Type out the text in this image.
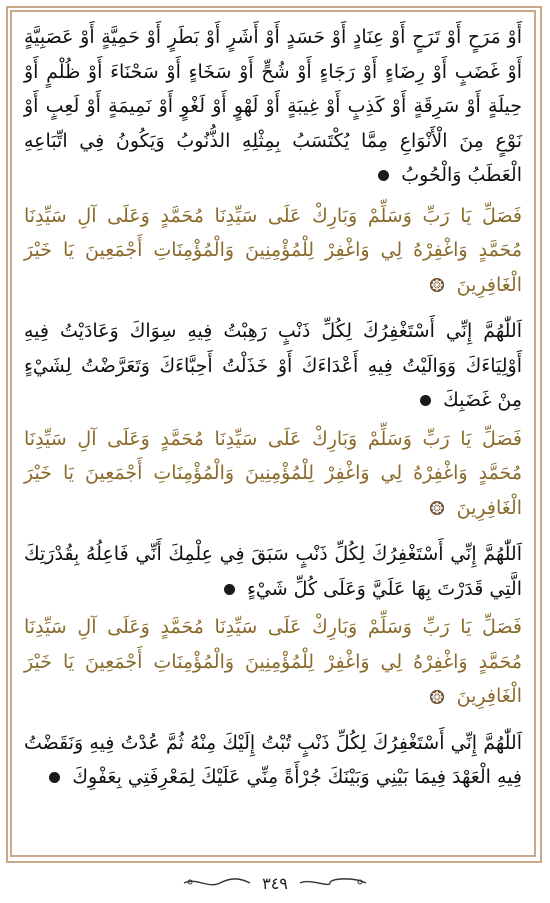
أَوْ مَرَحٍ أَوْ تَرَحٍ أَوْ عِنَادٍ أَوْ حَسَدٍ أَوْ أَشَرٍ أَوْ بَطَرٍ أَوْ حَمِيَّةٍ أَوْ عَصَبِيَّةٍ أَوْ غَضَبٍ أَوْ رِضَاءٍ أَوْ رَجَاءٍ أَوْ شُحٍّ أَوْ سَخَاءٍ أَوْ سَحْنَاءَ أَوْ ظُلْمٍ أَوْ حِيلَةٍ أَوْ سَرِقَةٍ أَوْ كَذِبٍ أَوْ غِيبَةٍ أَوْ لَهْوٍ أَوْ لَغْوٍ أَوْ نَمِيمَةٍ أَوْ لَعِبٍ أَوْ نَوْعٍ مِنَ الْأَنْوَاعِ مِمَّا يُكْتَسَبُ بِمِثْلِهِ الذُّنُوبُ وَيَكُونُ فِي اتِّبَاعِهِ الْعَطَبُ وَالْحُوبُ

فَصَلِّ يَا رَبِّ وَسَلِّمْ وَبَارِكْ عَلَى سَيِّدِنَا مُحَمَّدٍ وَعَلَى آلِ سَيِّدِنَا مُحَمَّدٍ وَاغْفِرْهُ لِي وَاغْفِرْ لِلْمُؤْمِنِينَ وَالْمُؤْمِنَاتِ أَجْمَعِينَ يَا خَيْرَ الْغَافِرِينَ

اَللّٰهُمَّ إِنِّي أَسْتَغْفِرُكَ لِكُلِّ ذَنْبٍ رَهِبْتُ فِيهِ سِوَاكَ وَعَادَيْتُ فِيهِ أَوْلِيَاءَكَ وَوَالَيْتُ فِيهِ أَعْدَاءَكَ أَوْ خَذَلْتُ أَحِبَّاءَكَ وَتَعَرَّضْتُ لِشَيْءٍ مِنْ غَضَبِكَ

فَصَلِّ يَا رَبِّ وَسَلِّمْ وَبَارِكْ عَلَى سَيِّدِنَا مُحَمَّدٍ وَعَلَى آلِ سَيِّدِنَا مُحَمَّدٍ وَاغْفِرْهُ لِي وَاغْفِرْ لِلْمُؤْمِنِينَ وَالْمُؤْمِنَاتِ أَجْمَعِينَ يَا خَيْرَ الْغَافِرِينَ

اَللّٰهُمَّ إِنِّي أَسْتَغْفِرُكَ لِكُلِّ ذَنْبٍ سَبَقَ فِي عِلْمِكَ أَنِّي فَاعِلُهُ بِقُدْرَتِكَ الَّتِي قَدَرْتَ بِهَا عَلَيَّ وَعَلَى كُلِّ شَيْءٍ

فَصَلِّ يَا رَبِّ وَسَلِّمْ وَبَارِكْ عَلَى سَيِّدِنَا مُحَمَّدٍ وَعَلَى آلِ سَيِّدِنَا مُحَمَّدٍ وَاغْفِرْهُ لِي وَاغْفِرْ لِلْمُؤْمِنِينَ وَالْمُؤْمِنَاتِ أَجْمَعِينَ يَا خَيْرَ الْغَافِرِينَ

اَللّٰهُمَّ إِنِّي أَسْتَغْفِرُكَ لِكُلِّ ذَنْبٍ تُبْتُ إِلَيْكَ مِنْهُ ثُمَّ عُدْتُ فِيهِ وَنَقَضْتُ فِيهِ الْعَهْدَ فِيمَا بَيْنِي وَبَيْنَكَ جُرْأَةً مِنِّي عَلَيْكَ لِمَعْرِفَتِي بِعَفْوِكَ

٣٤٩
